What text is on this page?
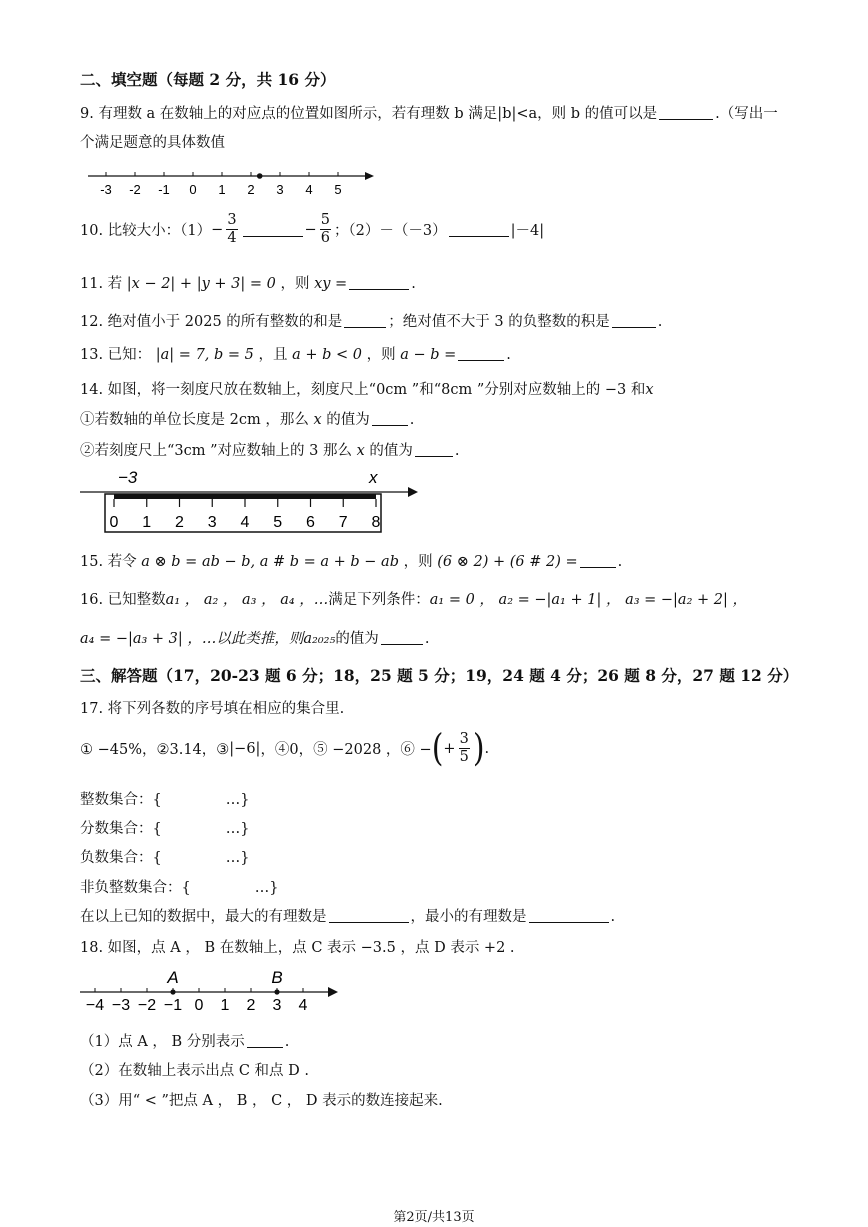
二、填空题（每题 2 分，共 16 分）
9. 有理数 a 在数轴上的对应点的位置如图所示，若有理数 b 满足|b|<a，则 b 的值可以是	.（写出一
个满足题意的具体数值
-3 -2 -1 0 1 2 3 4 5
10. 比较大小：$(1) - \frac{3}{4}$	− $\frac{5}{6}$ ；（2）－（－3）	|－4|
11. 若 |x − 2| + |y + 3| = 0 ，则 xy =	.
12. 绝对值小于 2025 的所有整数的和是	；绝对值不大于 3 的负整数的积是	.
13. 已知： |a| = 7, b = 5 ，且 a + b < 0 ，则 a − b =	.
14. 如图，将一刻度尺放在数轴上，刻度尺上“0cm ”和“8cm ”分别对应数轴上的 −3 和x
①若数轴的单位长度是 2cm ，那么 x 的值为	.
②若刻度尺上“3cm ”对应数轴上的 3 那么 x 的值为	.
−3	x
0 1 2 3 4 5 6 7 8
15. 若令 a ⊗ b = ab − b, a # b = a + b − ab ，则 (6 ⊗ 2) + (6 # 2) =	.
16. 已知整数a₁ ， a₂ ， a₃ ， a₄ ，…满足下列条件：a₁ = 0 ， a₂ = −|a₁ + 1| ， a₃ = −|a₂ + 2| ，
a₄ = −|a₃ + 3| ，…以此类推，则a₂₀₂₅的值为	.
三、解答题（17，20-23 题 6 分；18，25 题 5 分；19，24 题 4 分；26 题 8 分，27 题 12 分）
17. 将下列各数的序号填在相应的集合里.
① −45%，②3.14，③ |−6| ，④0，⑤ −2028 ，⑥ − ( + $\frac{3}{5}$ ) .
整数集合：{	…}
分数集合：{	…}
负数集合：{	…}
非负整数集合：{	…}
在以上已知的数据中，最大的有理数是	，最小的有理数是	.
18. 如图，点 A ， B 在数轴上，点 C 表示 −3.5 ，点 D 表示 +2 .
−4 −3 −2 −1 0 1 2 3 4
A	B
（1）点 A ， B 分别表示	.
（2）在数轴上表示出点 C 和点 D .
（3）用“ < ”把点 A ， B ， C ， D 表示的数连接起来.
第2页/共13页
